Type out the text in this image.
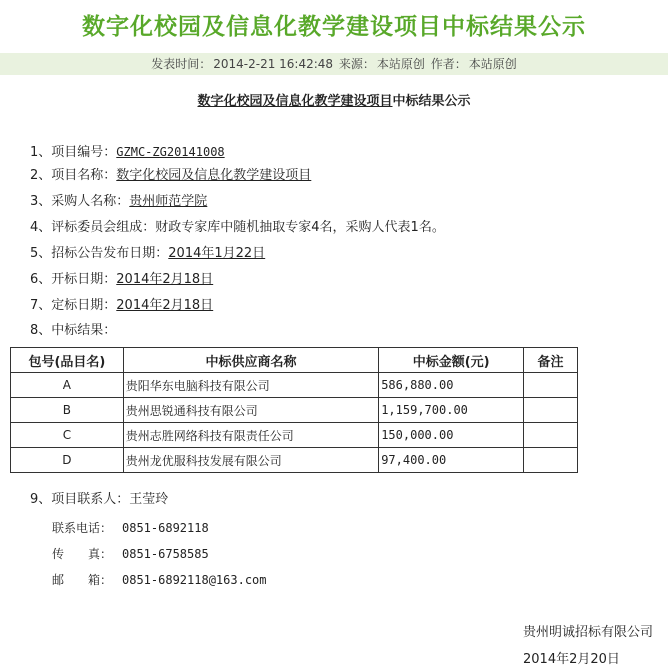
数字化校园及信息化教学建设项目中标结果公示
发表时间： 2014-2-21 16:42:48 来源： 本站原创 作者： 本站原创
数字化校园及信息化教学建设项目中标结果公示
1、项目编号：GZMC-ZG20141008
2、项目名称：数字化校园及信息化教学建设项目
3、采购人名称：贵州师范学院
4、评标委员会组成：财政专家库中随机抽取专家4名，采购人代表1名。
5、招标公告发布日期：2014年1月22日
6、开标日期：2014年2月18日
7、定标日期：2014年2月18日
8、中标结果：
包号(品目名)	中标供应商名称	中标金额(元)	备注
A	贵阳华东电脑科技有限公司	586,880.00	
B	贵州思锐通科技有限公司	1,159,700.00	
C	贵州志胜网络科技有限责任公司	150,000.00	
D	贵州龙优服科技发展有限公司	97,400.00	
9、项目联系人：王莹玲
联系电话： 0851-6892118
传　　真： 0851-6758585
邮　　箱： 0851-6892118@163.com
贵州明诚招标有限公司
2014年2月20日
